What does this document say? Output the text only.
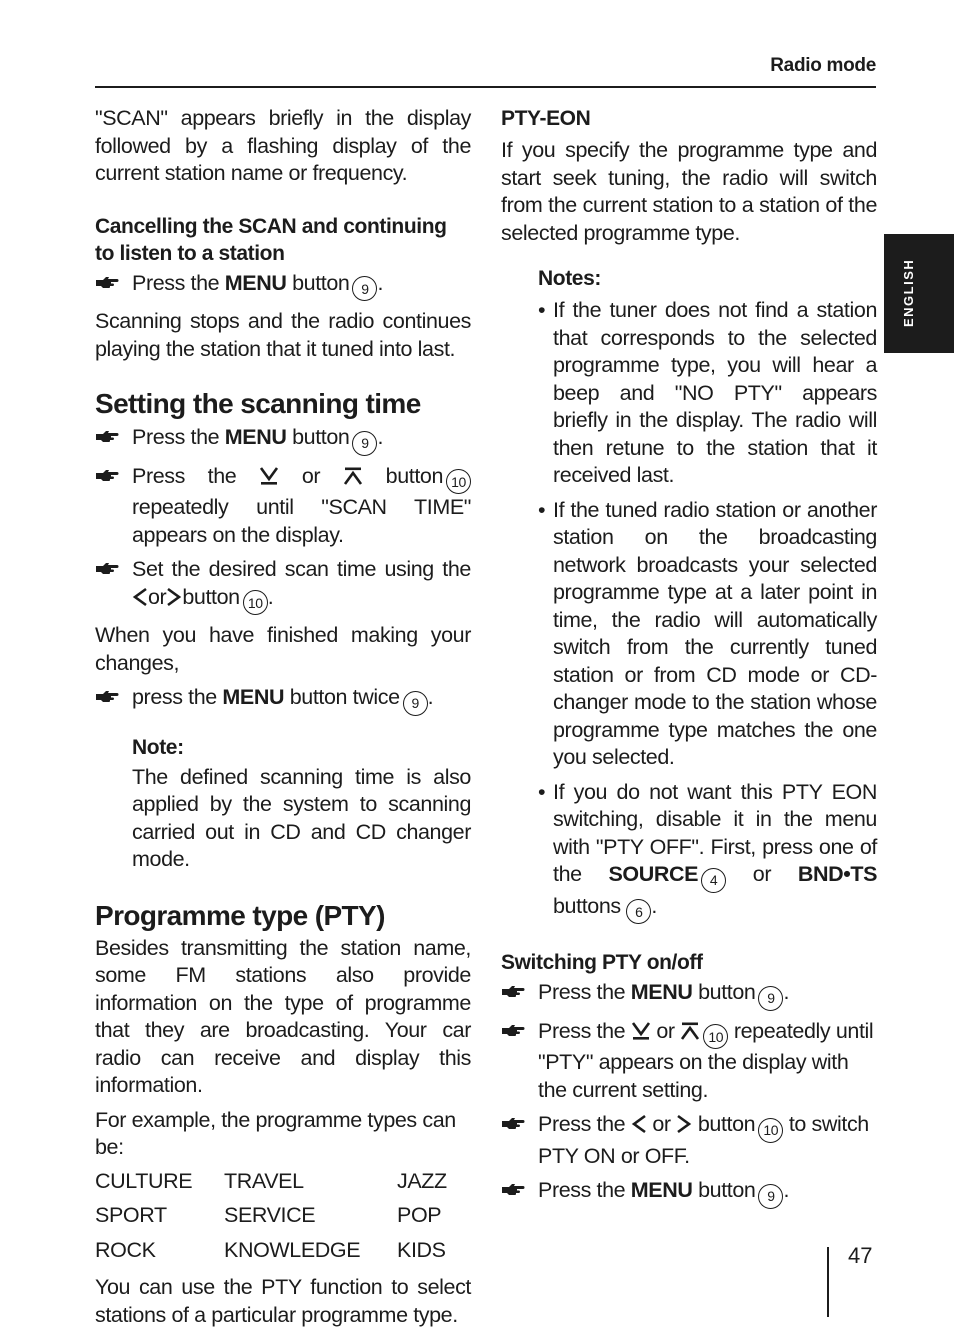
Radio mode
ENGLISH

"SCAN" appears briefly in the display followed by a flashing display of the current station name or frequency.

Cancelling the SCAN and continuing to listen to a station
Press the MENU button 9 .

Scanning stops and the radio continues playing the station that it tuned into last.

Setting the scanning time
Press the MENU button 9 .
Press the	or	button 10 repeatedly until "SCAN TIME" appears on the display.
Set the desired scan time using the or button 10 .

When you have finished making your changes,

press the MENU button twice 9 .
Note:

The defined scanning time is also applied by the system to scanning carried out in CD and CD changer mode.

Programme type (PTY)

Besides transmitting the station name, some FM stations also provide information on the type of programme that they are broadcasting. Your car radio can receive and display this information.

For example, the programme types can be:

CULTURE	TRAVEL	JAZZ
SPORT	SERVICE	POP
ROCK	KNOWLEDGE	KIDS

You can use the PTY function to select stations of a particular programme type.

PTY-EON

If you specify the programme type and start seek tuning, the radio will switch from the current station to a station of the selected programme type.

Notes:

• If the tuner does not find a station that corresponds to the selected programme type, you will hear a beep and "NO PTY" appears briefly in the display. The radio will then retune to the station that it received last.

• If the tuned radio station or another station on the broadcasting network broadcasts your selected programme type at a later point in time, the radio will automatically switch from the currently tuned station or from CD mode or CD-changer mode to the station whose programme type matches the one you selected.

• If you do not want this PTY EON switching, disable it in the menu with "PTY OFF". First, press one of the SOURCE 4 or BND•TS buttons 6 .

Switching PTY on/off
Press the MENU button 9 .
Press the or 10 repeatedly until "PTY" appears on the display with the current setting.
Press the or button 10 to switch PTY ON or OFF.
Press the MENU button 9 .
47
